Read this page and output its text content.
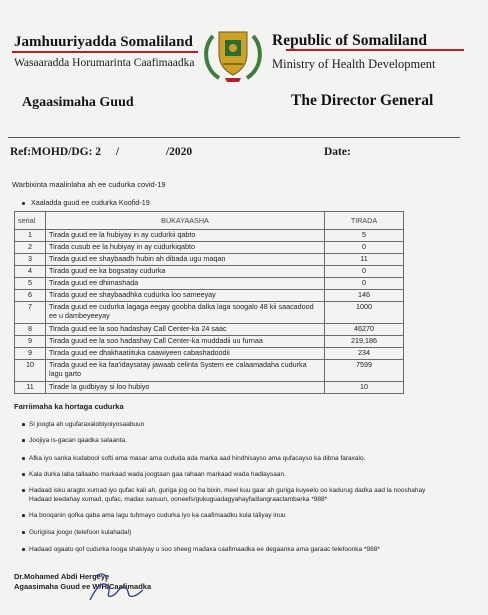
Jamhuuriyadda Somaliland
Wasaaradda Horumarinta Caafimaadka
Republic of Somaliland
Ministry of Health Development
Agaasimaha Guud	The Director General
Ref:MOHD/DG: 2 /	/2020	Date:
Warbixinta maalinlaha ah ee cudurka covid-19
Xaaladda guud ee cudurka Koofid-19
serial	BUKAYAASHA	TIRADA
1	Tirada guud ee la hubiyay in ay cudurkii qabto	5
2	Tirada cusub ee la hubiyay in ay cudurkiqabto	0
3	Tirada guud ee shaybaadh hubin ah dibada ugu maqan	11
4	Tirada guud ee ka bogsatay cudurka	0
5	Tirada guud ee dhimashada	0
6	Tirada guud ee shaybaadhka cudurka loo sameeyay	146
7	Tirada guud ee cudurka lagaga eegay goobha dalka laga soogalo 48 kii saacadood ee u dambeyeeyay	1000
8	Tirada guud ee la soo hadashay Call Center-ka 24 saac	46270
9	Tirada guud ee la soo hadashay Call Center-ka muddadii uu furnaa	219,186
9	Tirada guud ee dhakhaatiituka caawiyeen cabashadoodii	234
10	Tirada guud ee ka faa'idaysatay jawaab celinta System ee calaamadaha cudurka lagu garto	7599
11	Tirade la gudbiyay si loo hubiyo	10
Farriimaha ka hortaga cudurka
Si joogta ah ugufaraxalobiyoiyosaabuun
Joojiya is-gacan qaadka salaanta.
Afka iyo sanka kudabool softi ama masar ama cududa ada marka aad hindhisayso ama qufacayso ka dibna faraxalo.
Kala durka laba tallaabo markaad wada joogtaan gaa rahaan markaad wada hadlaysaan.
Hadaad isku aragto xumad iyo qufac kali ah, guriga jog oo ha bixin, meel kuu gaar ah guriga kuyeelo oo kadurug dadka aad la nooshahay Hadaad leedahay xumad, qufac, madax xanuun, ooneefs/gukuguadagyahayfadlangraaclambarka *988*
Ha booqanin qofka qaba ama lagu tuhmayo cudurka iyo ka caafimaadku kula taliyay inuu
Gurigiisa joogo (telefoon kulahadal)
Hadaad ogaato qof cudurka looga shakiyay u soo sheeg madaxa caafimaadka ee degaanka ama garaac telefoonka *988*
Dr.Mohamed Abdi Hergeye
Agaasimaha Guud ee W/H/Caafimadka
